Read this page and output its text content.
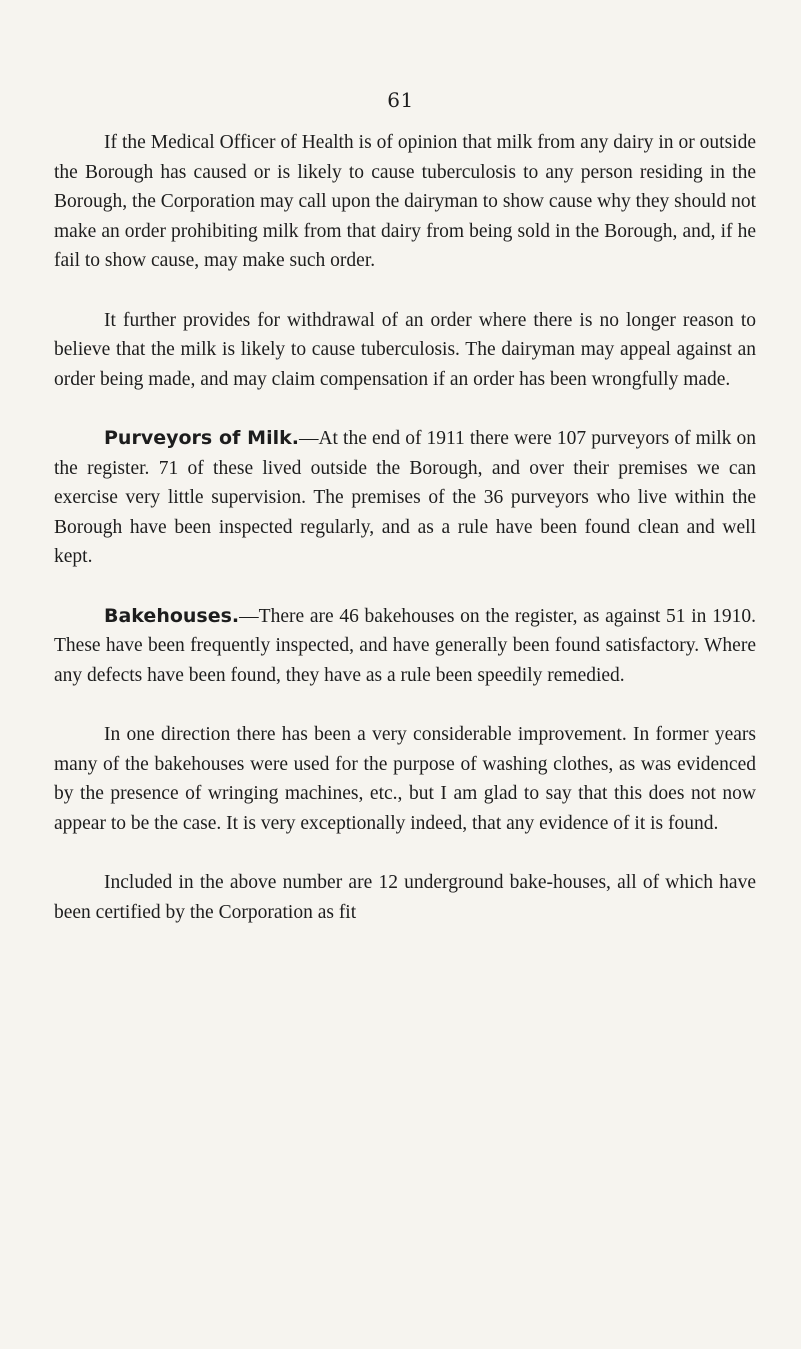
61

If the Medical Officer of Health is of opinion that milk from any dairy in or outside the Borough has caused or is likely to cause tuberculosis to any person residing in the Borough, the Corporation may call upon the dairyman to show cause why they should not make an order prohibiting milk from that dairy from being sold in the Borough, and, if he fail to show cause, may make such order.

It further provides for withdrawal of an order where there is no longer reason to believe that the milk is likely to cause tuberculosis. The dairyman may appeal against an order being made, and may claim compensation if an order has been wrongfully made.

Purveyors of Milk.—At the end of 1911 there were 107 purveyors of milk on the register. 71 of these lived outside the Borough, and over their premises we can exercise very little supervision. The premises of the 36 purveyors who live within the Borough have been inspected regularly, and as a rule have been found clean and well kept.

Bakehouses.—There are 46 bakehouses on the register, as against 51 in 1910. These have been frequently inspected, and have generally been found satisfactory. Where any defects have been found, they have as a rule been speedily remedied.

In one direction there has been a very considerable improvement. In former years many of the bakehouses were used for the purpose of washing clothes, as was evidenced by the presence of wringing machines, etc., but I am glad to say that this does not now appear to be the case. It is very exceptionally indeed, that any evidence of it is found.

Included in the above number are 12 underground bake-houses, all of which have been certified by the Corporation as fit
